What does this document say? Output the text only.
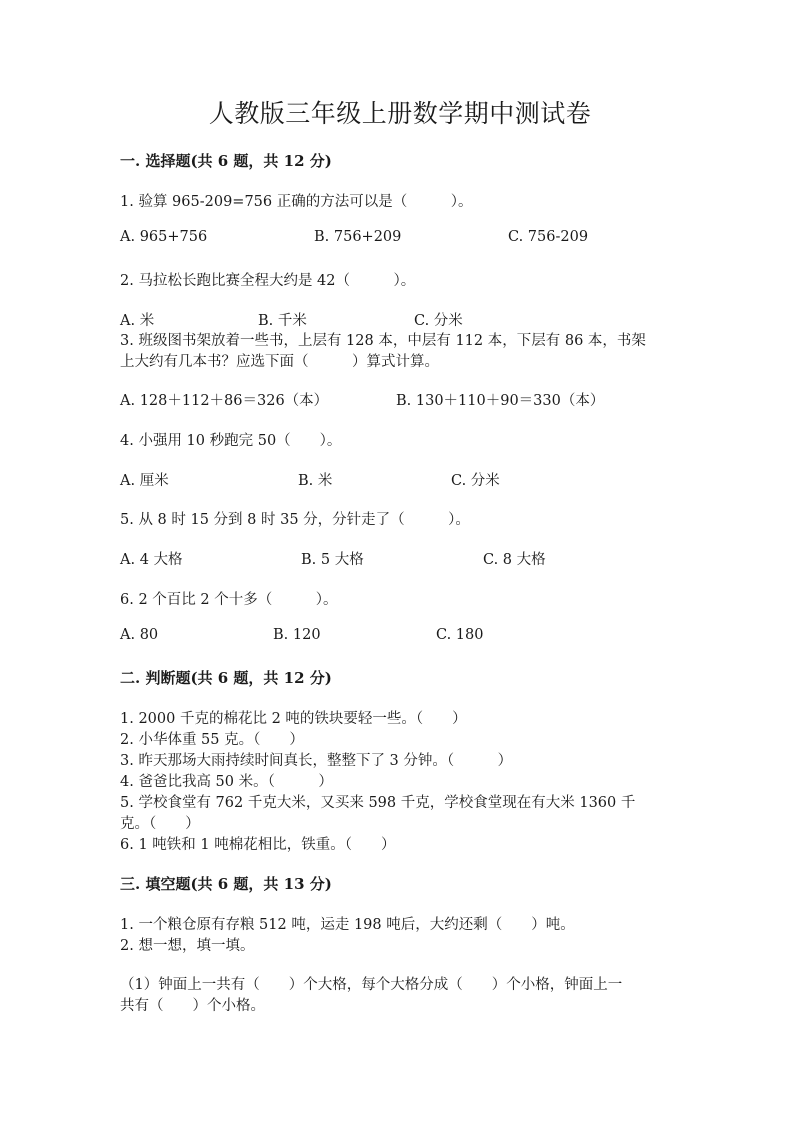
人教版三年级上册数学期中测试卷
一. 选择题(共 6 题，共 12 分)
1. 验算 965-209=756 正确的方法可以是（　　　）。
A. 965+756	B. 756+209	C. 756-209
2. 马拉松长跑比赛全程大约是 42（　　　）。
A. 米	B. 千米	C. 分米
3. 班级图书架放着一些书，上层有 128 本，中层有 112 本，下层有 86 本，书架
上大约有几本书？应选下面（　　　）算式计算。
A. 128＋112＋86＝326（本）	B. 130＋110＋90＝330（本）
4. 小强用 10 秒跑完 50（　　）。
A. 厘米	B. 米	C. 分米
5. 从 8 时 15 分到 8 时 35 分，分针走了（　　　）。
A. 4 大格	B. 5 大格	C. 8 大格
6. 2 个百比 2 个十多（　　　）。
A. 80	B. 120	C. 180
二. 判断题(共 6 题，共 12 分)
1. 2000 千克的棉花比 2 吨的铁块要轻一些。（　　）
2. 小华体重 55 克。（　　）
3. 昨天那场大雨持续时间真长，整整下了 3 分钟。（　　　）
4. 爸爸比我高 50 米。（　　　）
5. 学校食堂有 762 千克大米，又买来 598 千克，学校食堂现在有大米 1360 千
克。（　　）
6. 1 吨铁和 1 吨棉花相比，铁重。（　　）
三. 填空题(共 6 题，共 13 分)
1. 一个粮仓原有存粮 512 吨，运走 198 吨后，大约还剩（　　）吨。
2. 想一想，填一填。
（1）钟面上一共有（　　）个大格，每个大格分成（　　）个小格，钟面上一
共有（　　）个小格。
